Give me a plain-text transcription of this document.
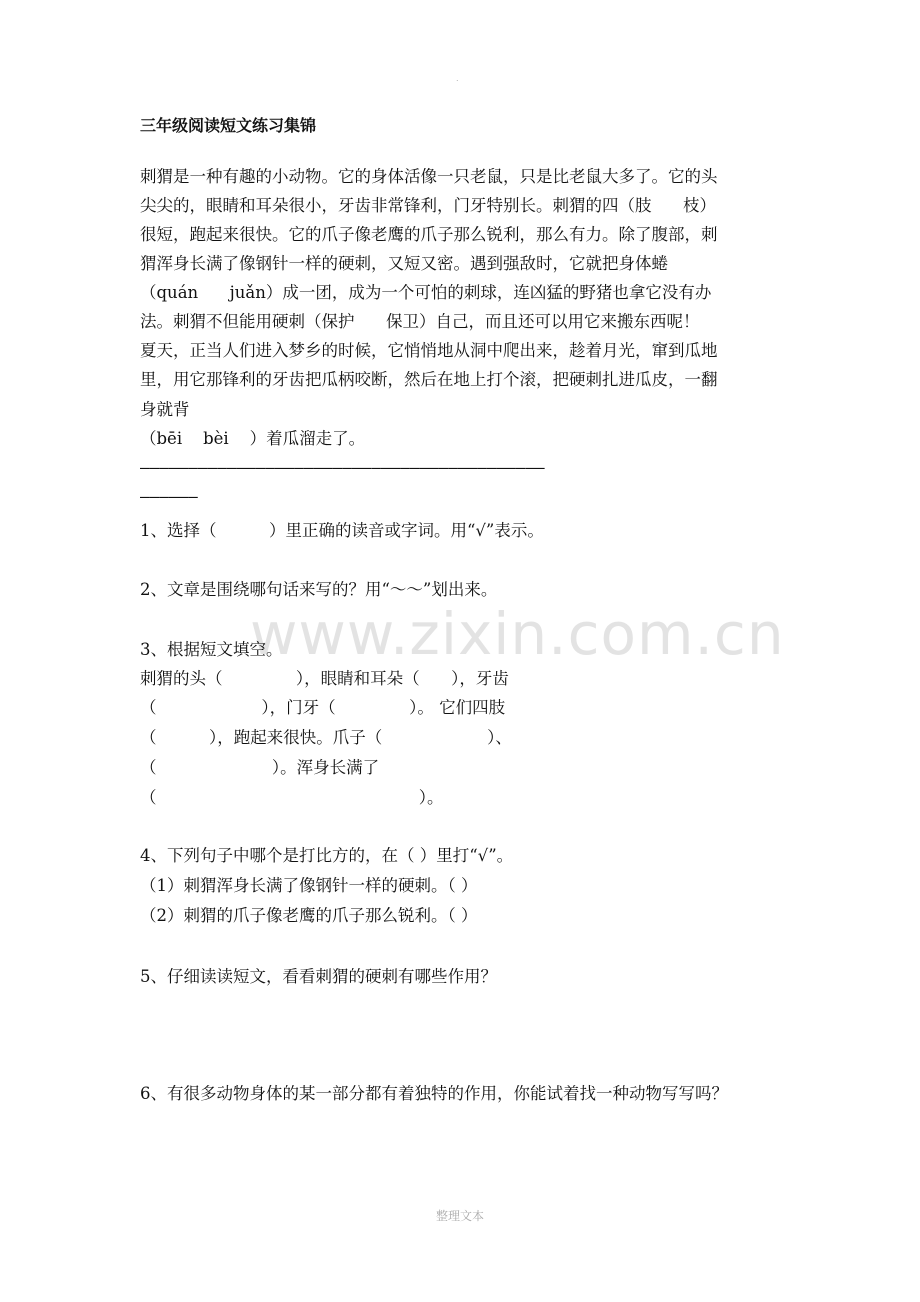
.
www.zixin.com.cn
三年级阅读短文练习集锦
刺猬是一种有趣的小动物。它的身体活像一只老鼠，只是比老鼠大多了。它的头
尖尖的，眼睛和耳朵很小，牙齿非常锋利，门牙特别长。刺猬的四（肢      枝）
很短，跑起来很快。它的爪子像老鹰的爪子那么锐利，那么有力。除了腹部，刺
猬浑身长满了像钢针一样的硬刺，又短又密。遇到强敌时，它就把身体蜷
（quán      juǎn）成一团，成为一个可怕的刺球，连凶猛的野猪也拿它没有办
法。刺猬不但能用硬刺（保护      保卫）自己，而且还可以用它来搬东西呢！
夏天，正当人们进入梦乡的时候，它悄悄地从洞中爬出来，趁着月光，窜到瓜地
里，用它那锋利的牙齿把瓜柄咬断，然后在地上打个滚，把硬刺扎进瓜皮，一翻
身就背
（bēi    bèi    ）着瓜溜走了。
——————————————————————————————————————————
——————
1、选择（          ）里正确的读音或字词。用“√”表示。
2、文章是围绕哪句话来写的？用“～～”划出来。
3、根据短文填空。
刺猬的头（              ），眼睛和耳朵（      ），牙齿
（                    ），门牙（              ）。 它们四肢
（          ），跑起来很快。爪子（                    ）、
（                      ）。浑身长满了
（                                                  ）。
4、下列句子中哪个是打比方的，在（ ）里打“√”。
（1）刺猬浑身长满了像钢针一样的硬刺。（ ）
（2）刺猬的爪子像老鹰的爪子那么锐利。（ ）
5、仔细读读短文，看看刺猬的硬刺有哪些作用？
6、有很多动物身体的某一部分都有着独特的作用，你能试着找一种动物写写吗？
整理文本
